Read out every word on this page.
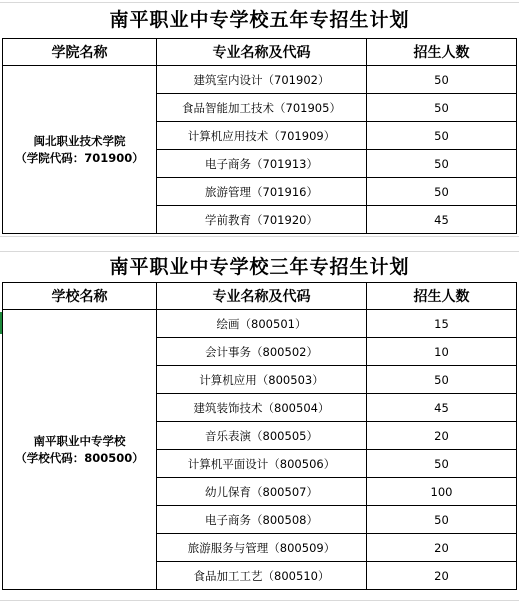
南平职业中专学校五年专招生计划
学院名称	专业名称及代码	招生人数

闽北职业技术学院
（学院代码：701900）	建筑室内设计（701902）	50
	食品智能加工技术（701905）	50
	计算机应用技术（701909）	50
	电子商务（701913）	50
	旅游管理（701916）	50
	学前教育（701920）	45
南平职业中专学校三年专招生计划
学校名称	专业名称及代码	招生人数

南平职业中专学校
（学校代码：800500）	绘画（800501）	15
	会计事务（800502）	10
	计算机应用（800503）	50
	建筑装饰技术（800504）	45
	音乐表演（800505）	20
	计算机平面设计（800506）	50
	幼儿保育（800507）	100
	电子商务（800508）	50
	旅游服务与管理（800509）	20
	食品加工工艺（800510）	20
